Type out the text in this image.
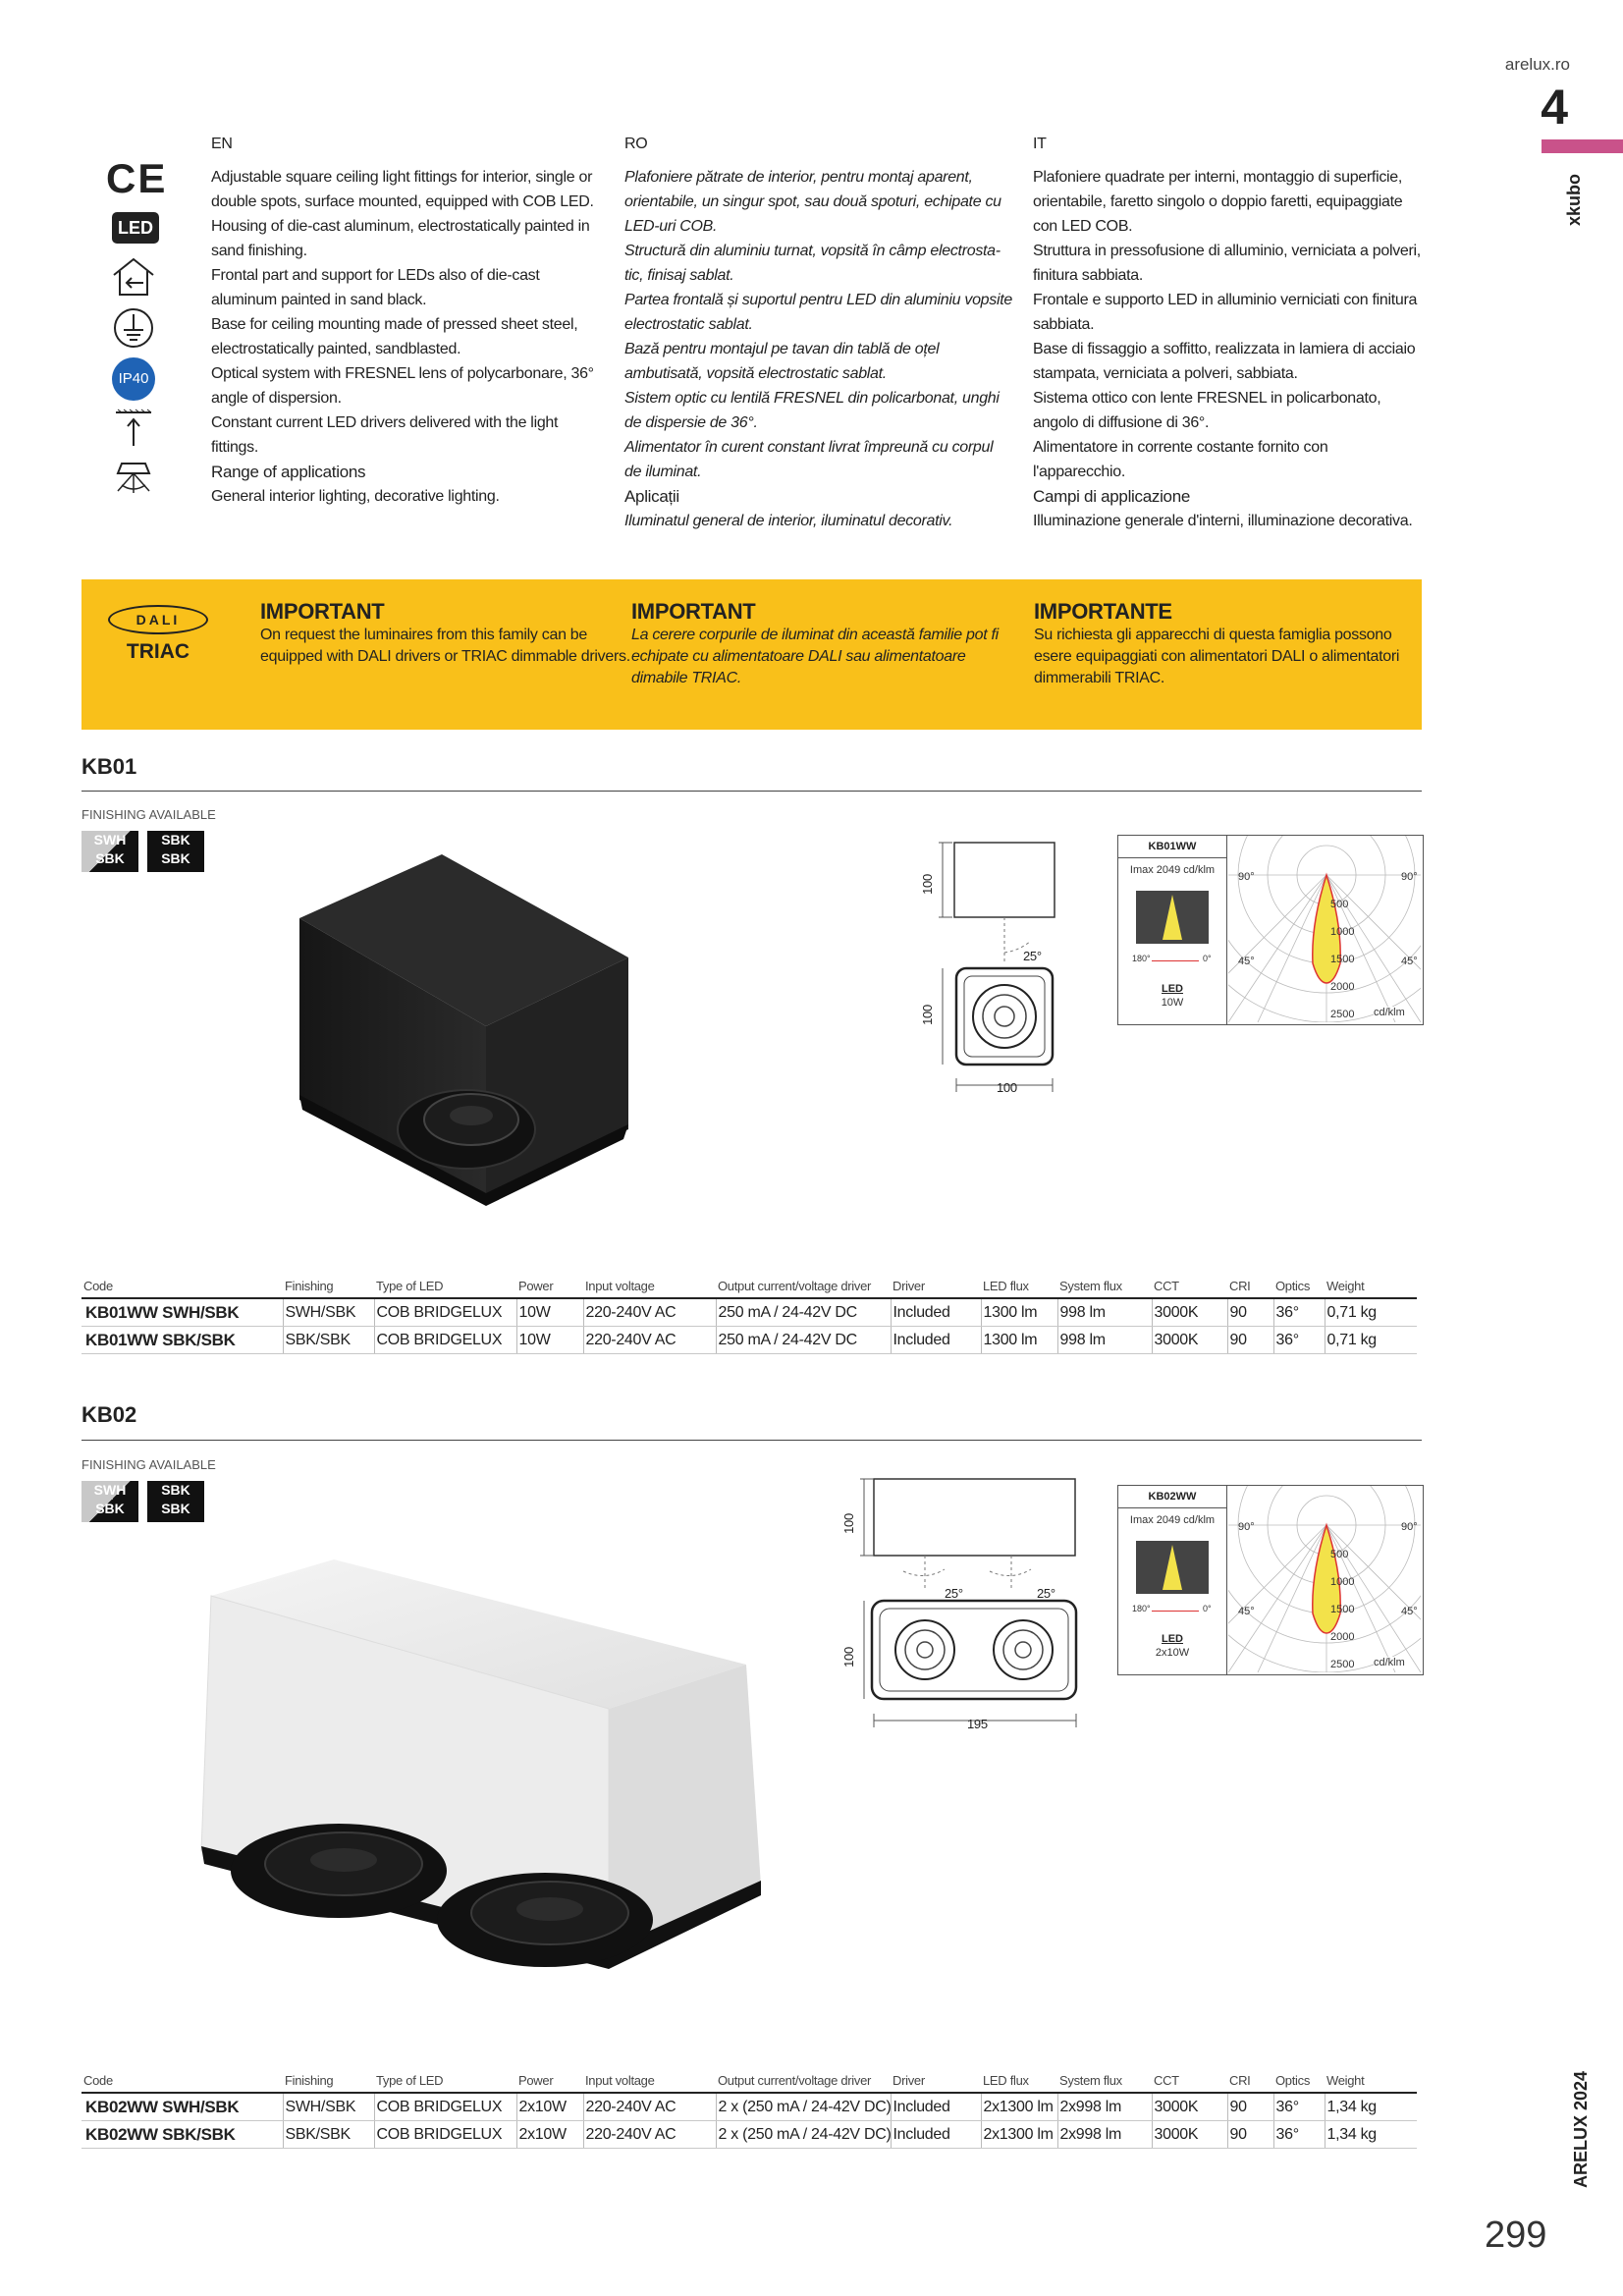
arelux.ro
4
xkubo
ARELUX 2024
299
CE
LED
IP40
EN

Adjustable square ceiling light fittings for interior, single or double spots, surface mounted, equipped with COB LED.

Housing of die-cast aluminum, electrostatically painted in sand finishing.

Frontal part and support for LEDs also of die-cast aluminum painted in sand black.

Base for ceiling mounting made of pressed sheet steel, electrostatically painted, sandblasted.

Optical system with FRESNEL lens of polycarbonare, 36° angle of dispersion.

Constant current LED drivers delivered with the light fittings.

Range of applications

General interior lighting, decorative lighting.

RO

Plafoniere pătrate de interior, pentru montaj aparent, orientabile, un singur spot, sau două spoturi, echipate cu LED-uri COB.

Structură din aluminiu turnat, vopsită în câmp electrosta- tic, finisaj sablat.

Partea frontală și suportul pentru LED din aluminiu vopsite electrostatic sablat.

Bază pentru montajul pe tavan din tablă de oțel ambutisată, vopsită electrostatic sablat.

Sistem optic cu lentilă FRESNEL din policarbonat, unghi de dispersie de 36°.

Alimentator în curent constant livrat împreună cu corpul de iluminat.

Aplicații

Iluminatul general de interior, iluminatul decorativ.

IT

Plafoniere quadrate per interni, montaggio di superficie, orientabile, faretto singolo o doppio faretti, equipaggiate con LED COB.

Struttura in pressofusione di alluminio, verniciata a polveri, finitura sabbiata.

Frontale e supporto LED in alluminio verniciati con finitura sabbiata.

Base di fissaggio a soffitto, realizzata in lamiera di acciaio stampata, verniciata a polveri, sabbiata.

Sistema ottico con lente FRESNEL in policarbonato, angolo di diffusione di 36°.

Alimentatore in corrente costante fornito con l'apparecchio.

Campi di applicazione

Illuminazione generale d'interni, illuminazione decorativa.

DALI
TRIAC
IMPORTANT

On request the luminaires from this family can be equipped with DALI drivers or TRIAC dimmable drivers.

IMPORTANT

La cerere corpurile de iluminat din această familie pot fi echipate cu alimentatoare DALI sau alimentatoare dimabile TRIAC.

IMPORTANTE

Su richiesta gli apparecchi di questa famiglia possono esere equipaggiati con alimentatori DALI o alimentatori dimmerabili TRIAC.

KB01
FINISHING AVAILABLE
SWH
SBK
SBK
SBK
100
100
100
25°
KB01WW
Imax 2049 cd/klm
180°	0°
LED
10W
90°	90°
45°	45°
500
1000
1500
2000
2500 cd/klm
Code	Finishing	Type of LED	Power	Input voltage	Output current/voltage driver	Driver	LED flux	System flux	CCT	CRI	Optics	Weight
KB01WW SWH/SBK	SWH/SBK	COB BRIDGELUX	10W	220-240V AC	250 mA / 24-42V DC	Included	1300 lm	998 lm	3000K	90	36°	0,71 kg
KB01WW SBK/SBK	SBK/SBK	COB BRIDGELUX	10W	220-240V AC	250 mA / 24-42V DC	Included	1300 lm	998 lm	3000K	90	36°	0,71 kg
KB02
FINISHING AVAILABLE
SWH
SBK
SBK
SBK
100
100
195
25°	25°
KB02WW
Imax 2049 cd/klm
180°	0°
LED
2x10W
90°	90°
45°	45°
500
1000
1500
2000
2500 cd/klm
Code	Finishing	Type of LED	Power	Input voltage	Output current/voltage driver	Driver	LED flux	System flux	CCT	CRI	Optics	Weight
KB02WW SWH/SBK	SWH/SBK	COB BRIDGELUX	2x10W	220-240V AC	2 x (250 mA / 24-42V DC)	Included	2x1300 lm	2x998 lm	3000K	90	36°	1,34 kg
KB02WW SBK/SBK	SBK/SBK	COB BRIDGELUX	2x10W	220-240V AC	2 x (250 mA / 24-42V DC)	Included	2x1300 lm	2x998 lm	3000K	90	36°	1,34 kg
